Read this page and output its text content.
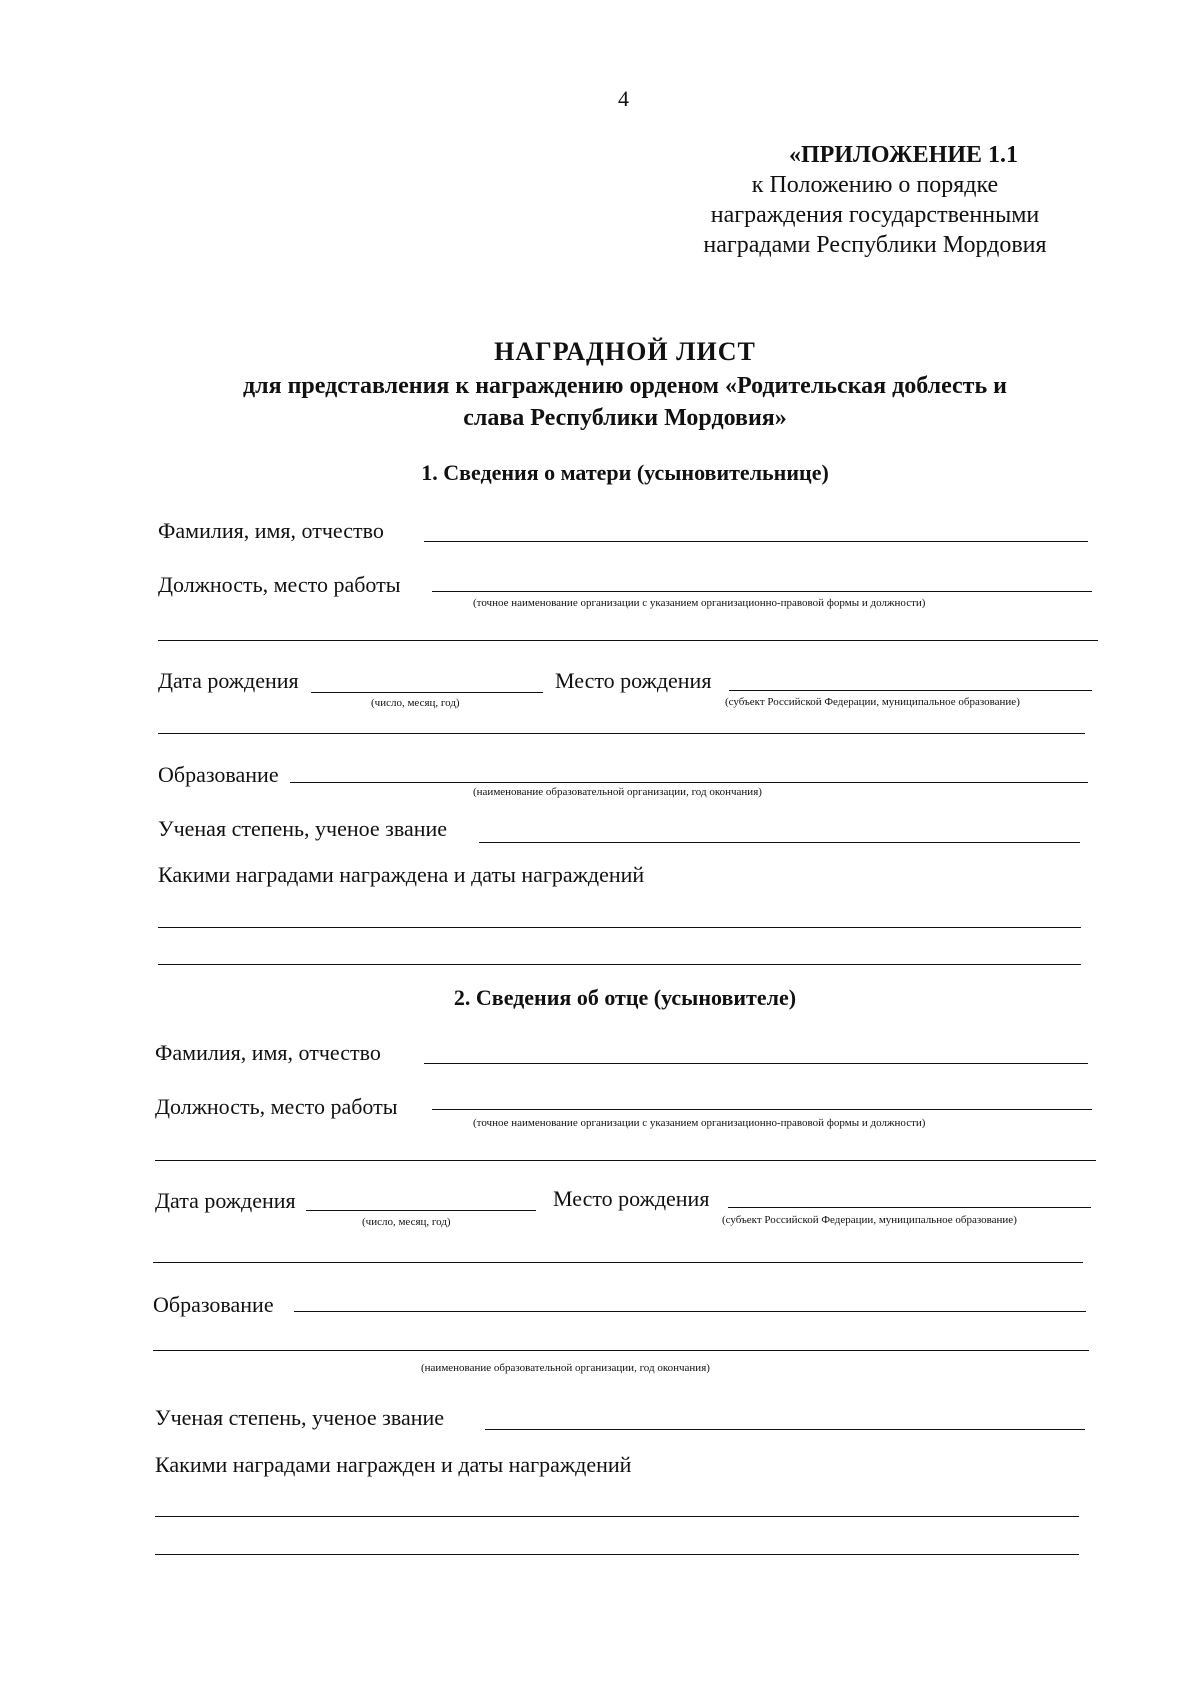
4
«ПРИЛОЖЕНИЕ 1.1
к Положению о порядке
награждения государственными
наградами Республики Мордовия
НАГРАДНОЙ ЛИСТ
для представления к награждению орденом «Родительская доблесть и
слава Республики Мордовия»
1. Сведения о матери (усыновительнице)
Фамилия, имя, отчество
Должность, место работы
(точное наименование организации с указанием организационно-правовой формы и должности)
Дата рождения
(число, месяц, год)
Место рождения
(субъект Российской Федерации, муниципальное образование)
Образование
(наименование образовательной организации, год окончания)
Ученая степень, ученое звание
Какими наградами награждена и даты награждений
2. Сведения об отце (усыновителе)
Фамилия, имя, отчество
Должность, место работы
(точное наименование организации с указанием организационно-правовой формы и должности)
Дата рождения
(число, месяц, год)
Место рождения
(субъект Российской Федерации, муниципальное образование)
Образование
(наименование образовательной организации, год окончания)
Ученая степень, ученое звание
Какими наградами награжден и даты награждений
